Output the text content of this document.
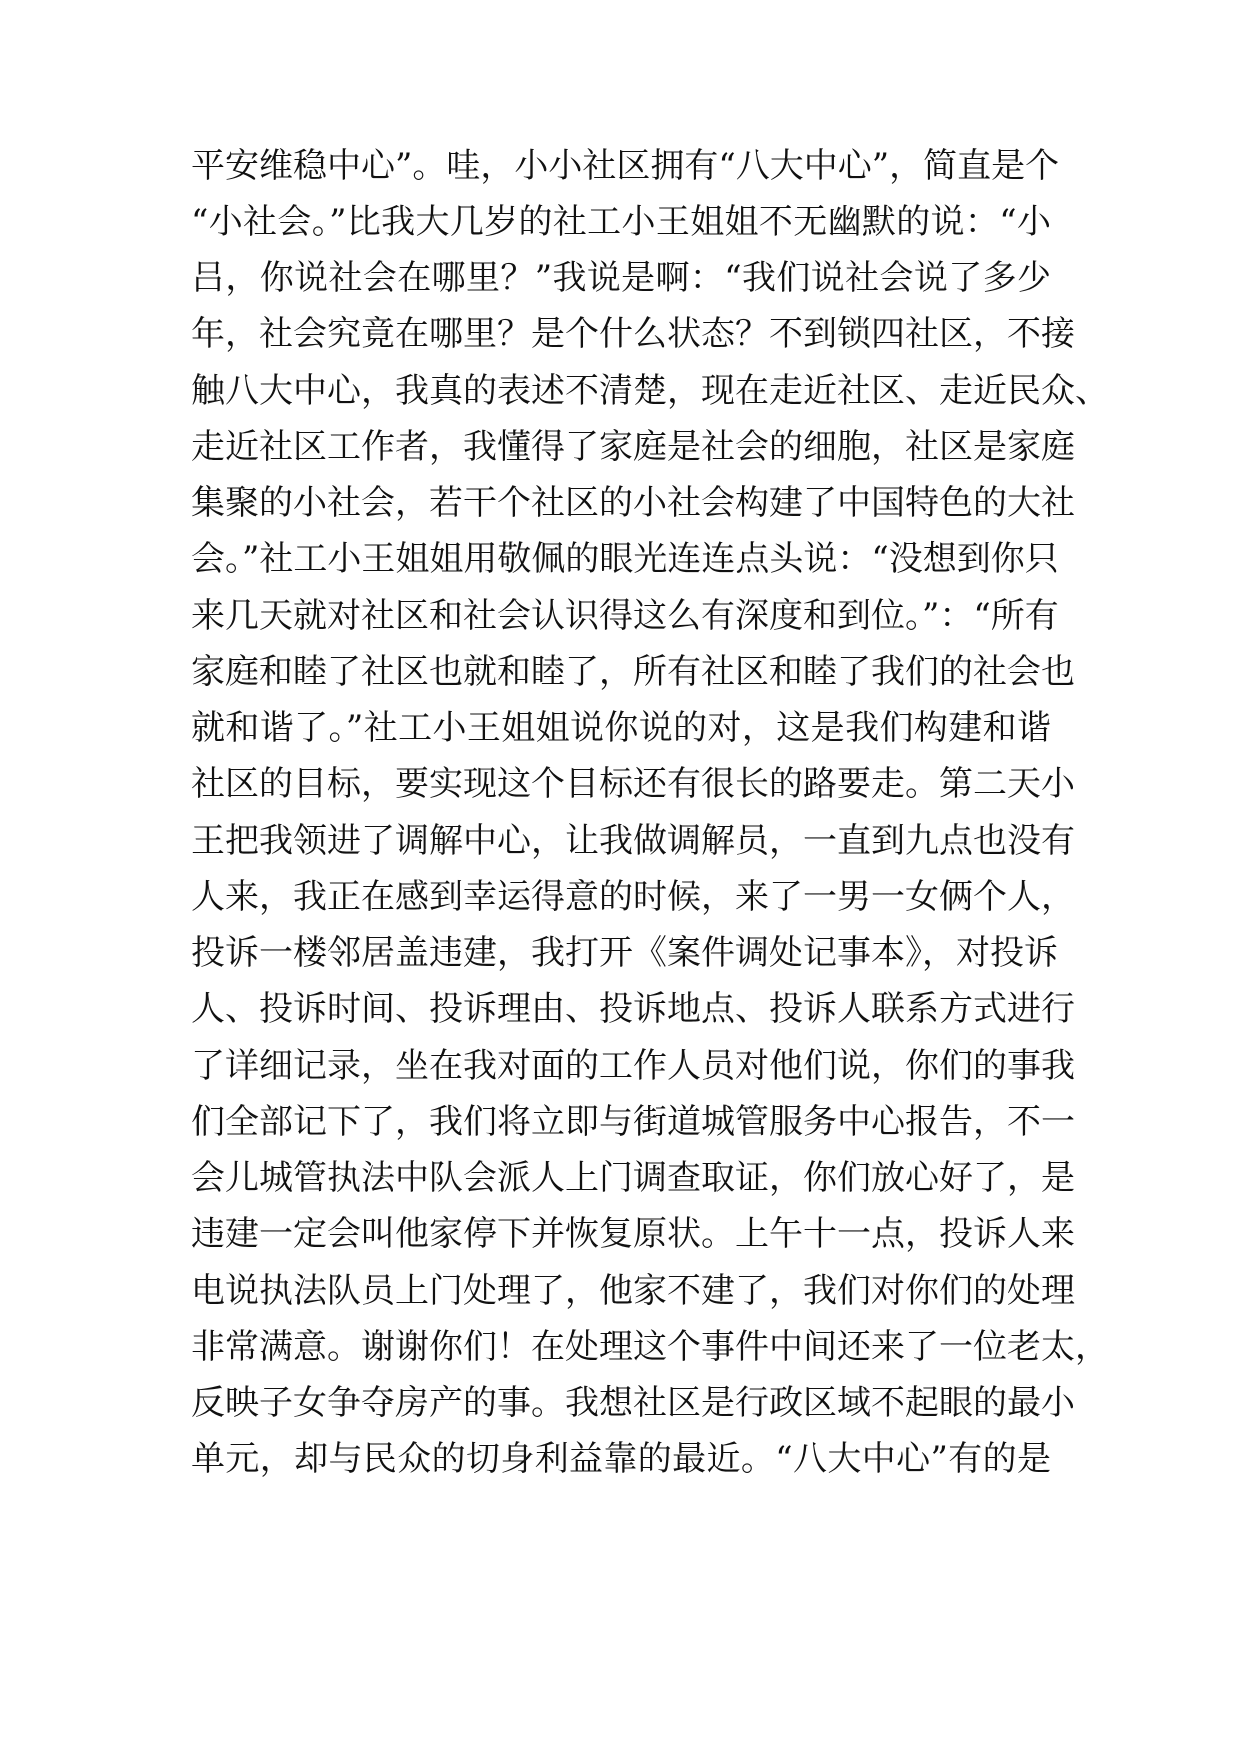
平安维稳中心”。哇，小小社区拥有“八大中心”，简直是个
“小社会。”比我大几岁的社工小王姐姐不无幽默的说：“小
吕，你说社会在哪里？”我说是啊：“我们说社会说了多少
年，社会究竟在哪里？是个什么状态？不到锁四社区，不接
触八大中心，我真的表述不清楚，现在走近社区、走近民众、
走近社区工作者，我懂得了家庭是社会的细胞，社区是家庭
集聚的小社会，若干个社区的小社会构建了中国特色的大社
会。”社工小王姐姐用敬佩的眼光连连点头说：“没想到你只
来几天就对社区和社会认识得这么有深度和到位。”：“所有
家庭和睦了社区也就和睦了，所有社区和睦了我们的社会也
就和谐了。”社工小王姐姐说你说的对，这是我们构建和谐
社区的目标，要实现这个目标还有很长的路要走。第二天小
王把我领进了调解中心，让我做调解员，一直到九点也没有
人来，我正在感到幸运得意的时候，来了一男一女俩个人，
投诉一楼邻居盖违建，我打开《案件调处记事本》，对投诉
人、投诉时间、投诉理由、投诉地点、投诉人联系方式进行
了详细记录，坐在我对面的工作人员对他们说，你们的事我
们全部记下了，我们将立即与街道城管服务中心报告，不一
会儿城管执法中队会派人上门调查取证，你们放心好了，是
违建一定会叫他家停下并恢复原状。上午十一点，投诉人来
电说执法队员上门处理了，他家不建了，我们对你们的处理
非常满意。谢谢你们！在处理这个事件中间还来了一位老太，
反映子女争夺房产的事。我想社区是行政区域不起眼的最小
单元，却与民众的切身利益靠的最近。“八大中心”有的是
